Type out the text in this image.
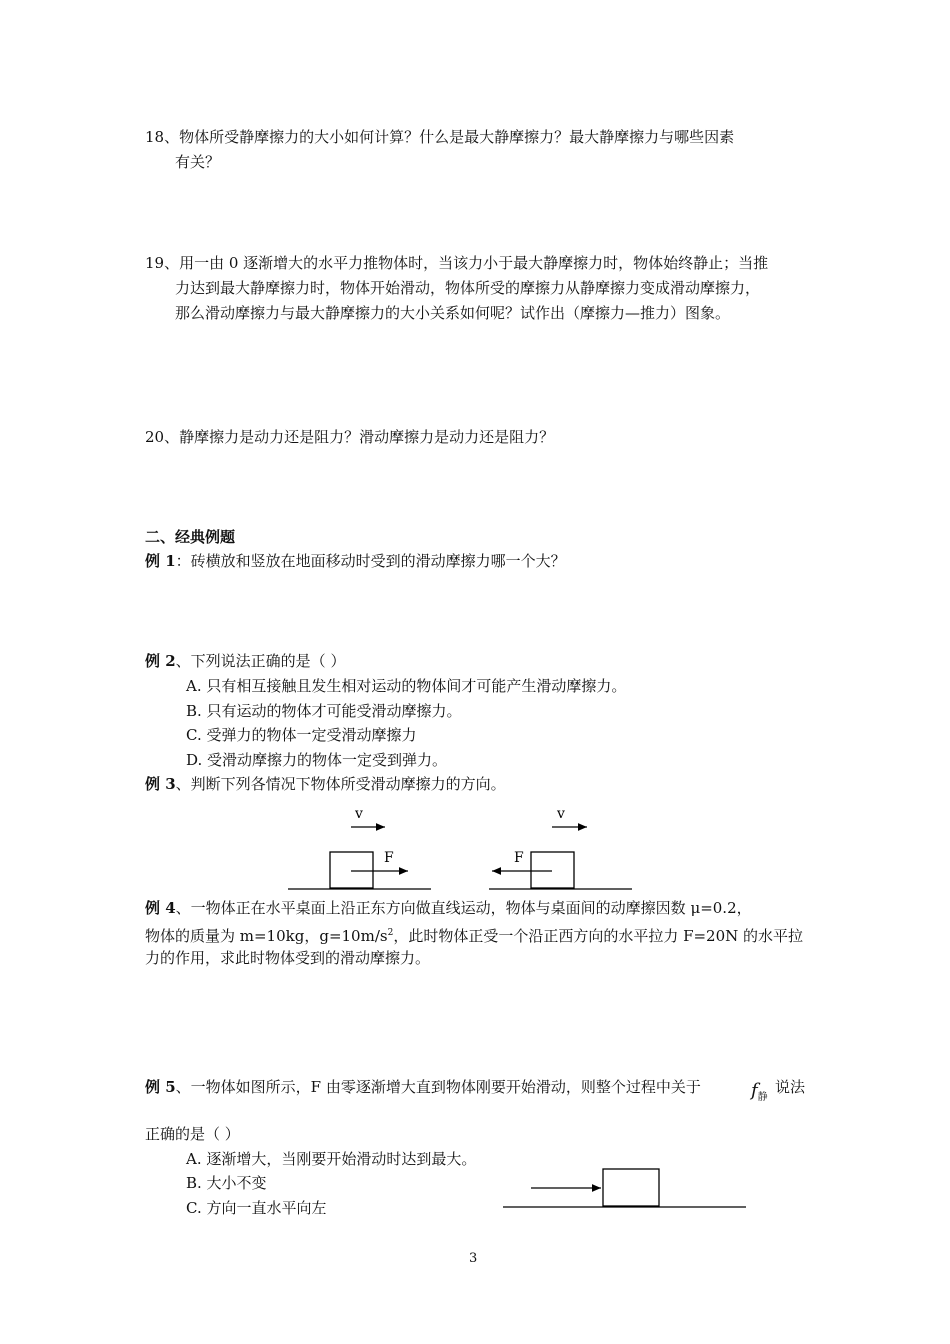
18、物体所受静摩擦力的大小如何计算？什么是最大静摩擦力？最大静摩擦力与哪些因素
有关？
19、用一由 0 逐渐增大的水平力推物体时，当该力小于最大静摩擦力时，物体始终静止；当推
力达到最大静摩擦力时，物体开始滑动，物体所受的摩擦力从静摩擦力变成滑动摩擦力，
那么滑动摩擦力与最大静摩擦力的大小关系如何呢？试作出（摩擦力—推力）图象。
20、静摩擦力是动力还是阻力？滑动摩擦力是动力还是阻力？
二、经典例题
例 1：砖横放和竖放在地面移动时受到的滑动摩擦力哪一个大？
例 2、下列说法正确的是（ ）
A. 只有相互接触且发生相对运动的物体间才可能产生滑动摩擦力。
B. 只有运动的物体才可能受滑动摩擦力。
C. 受弹力的物体一定受滑动摩擦力
D. 受滑动摩擦力的物体一定受到弹力。
例 3、判断下列各情况下物体所受滑动摩擦力的方向。
v
F
v
F
例 4、一物体正在水平桌面上沿正东方向做直线运动，物体与桌面间的动摩擦因数 μ=0.2，
物体的质量为 m=10kg，$g=10m/s^2$，此时物体正受一个沿正西方向的水平拉力 F=20N 的水平拉
力的作用，求此时物体受到的滑动摩擦力。
例 5、一物体如图所示，F 由零逐渐增大直到物体刚要开始滑动，则整个过程中关于	$f_静$
说法
正确的是（ ）
A. 逐渐增大，当刚要开始滑动时达到最大。
B. 大小不变
C. 方向一直水平向左
3
